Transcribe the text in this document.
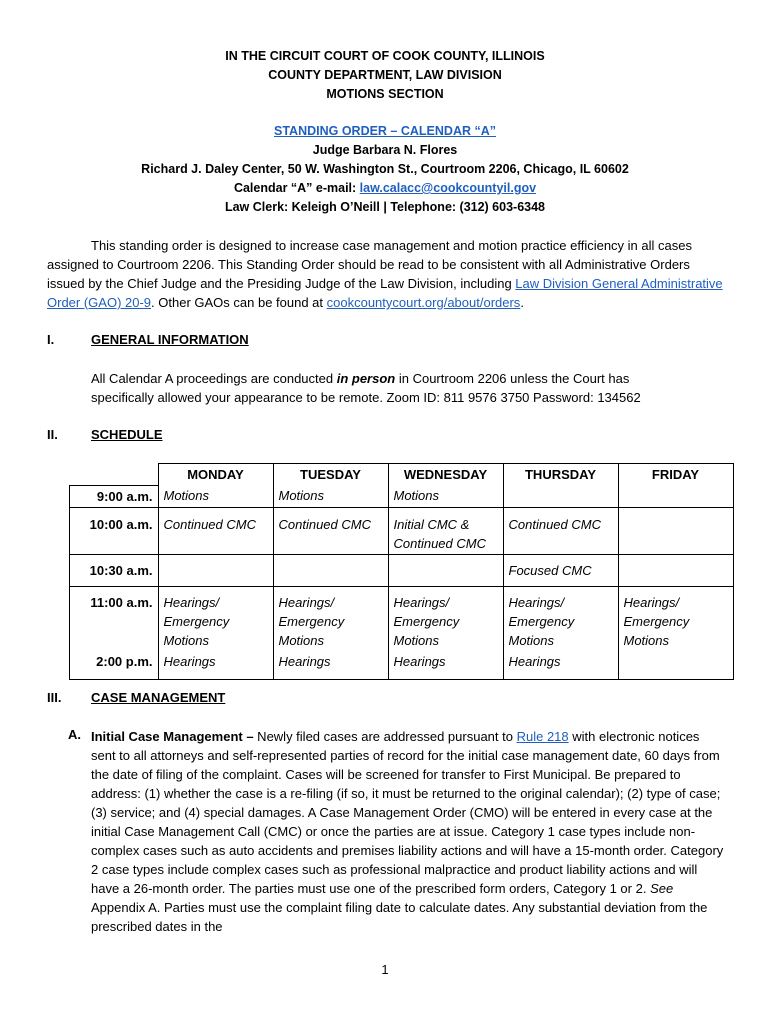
IN THE CIRCUIT COURT OF COOK COUNTY, ILLINOIS
COUNTY DEPARTMENT, LAW DIVISION
MOTIONS SECTION
STANDING ORDER – CALENDAR “A”
Judge Barbara N. Flores
Richard J. Daley Center, 50 W. Washington St., Courtroom 2206, Chicago, IL 60602
Calendar “A” e-mail: law.calacc@cookcountyil.gov
Law Clerk: Keleigh O’Neill | Telephone: (312) 603-6348
This standing order is designed to increase case management and motion practice efficiency in all cases assigned to Courtroom 2206. This Standing Order should be read to be consistent with all Administrative Orders issued by the Chief Judge and the Presiding Judge of the Law Division, including Law Division General Administrative Order (GAO) 20-9. Other GAOs can be found at cookcountycourt.org/about/orders.
I.	GENERAL INFORMATION
All Calendar A proceedings are conducted in person in Courtroom 2206 unless the Court has specifically allowed your appearance to be remote. Zoom ID: 811 9576 3750 Password: 134562
II.	SCHEDULE
	MONDAY	TUESDAY	WEDNESDAY	THURSDAY	FRIDAY
9:00 a.m.	Motions	Motions	Motions		
10:00 a.m.	Continued CMC	Continued CMC	Initial CMC & Continued CMC	Continued CMC	
10:30 a.m.				Focused CMC	
11:00 a.m.	Hearings/ Emergency Motions	Hearings/ Emergency Motions	Hearings/ Emergency Motions	Hearings/ Emergency Motions	Hearings/ Emergency Motions
2:00 p.m.	Hearings	Hearings	Hearings	Hearings	
III. CASE MANAGEMENT
A. Initial Case Management – Newly filed cases are addressed pursuant to Rule 218 with electronic notices sent to all attorneys and self-represented parties of record for the initial case management date, 60 days from the date of filing of the complaint. Cases will be screened for transfer to First Municipal. Be prepared to address: (1) whether the case is a re-filing (if so, it must be returned to the original calendar); (2) type of case; (3) service; and (4) special damages. A Case Management Order (CMO) will be entered in every case at the initial Case Management Call (CMC) or once the parties are at issue. Category 1 case types include non-complex cases such as auto accidents and premises liability actions and will have a 15-month order. Category 2 case types include complex cases such as professional malpractice and product liability actions and will have a 26-month order. The parties must use one of the prescribed form orders, Category 1 or 2. See Appendix A. Parties must use the complaint filing date to calculate dates. Any substantial deviation from the prescribed dates in the
1
